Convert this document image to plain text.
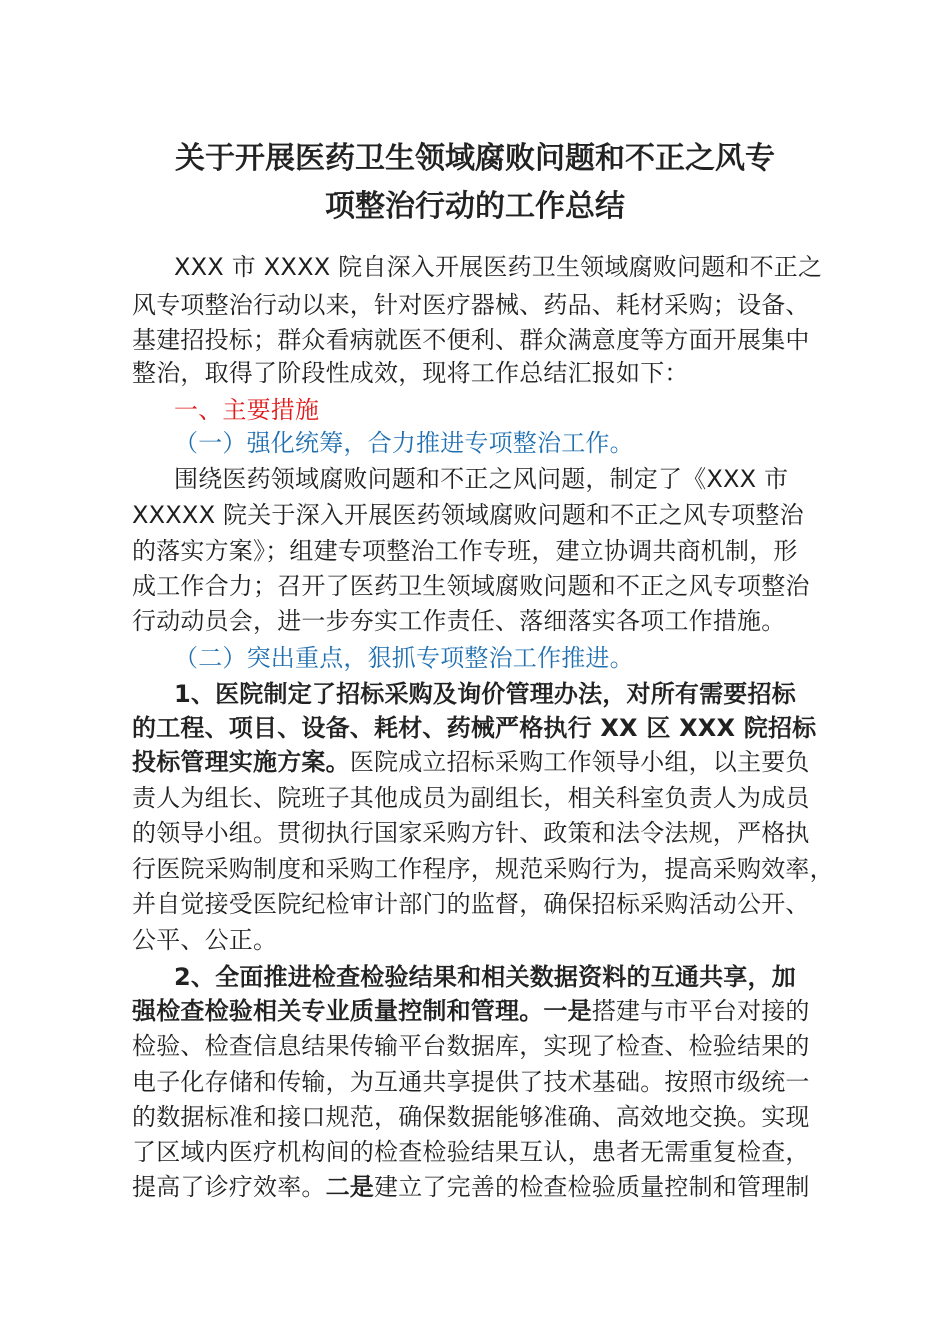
关于开展医药卫生领域腐败问题和不正之风专
项整治行动的工作总结
XXX 市 XXXX 院自深入开展医药卫生领域腐败问题和不正之
风专项整治行动以来，针对医疗器械、药品、耗材采购；设备、
基建招投标；群众看病就医不便利、群众满意度等方面开展集中
整治，取得了阶段性成效，现将工作总结汇报如下：
一、主要措施
（一）强化统筹，合力推进专项整治工作。
围绕医药领域腐败问题和不正之风问题，制定了《XXX 市
XXXXX 院关于深入开展医药领域腐败问题和不正之风专项整治
的落实方案》；组建专项整治工作专班，建立协调共商机制，形
成工作合力；召开了医药卫生领域腐败问题和不正之风专项整治
行动动员会，进一步夯实工作责任、落细落实各项工作措施。
（二）突出重点，狠抓专项整治工作推进。
1、医院制定了招标采购及询价管理办法，对所有需要招标
的工程、项目、设备、耗材、药械严格执行 XX 区 XXX 院招标
投标管理实施方案。医院成立招标采购工作领导小组，以主要负
责人为组长、院班子其他成员为副组长，相关科室负责人为成员
的领导小组。贯彻执行国家采购方针、政策和法令法规，严格执
行医院采购制度和采购工作程序，规范采购行为，提高采购效率，
并自觉接受医院纪检审计部门的监督，确保招标采购活动公开、
公平、公正。
2、全面推进检查检验结果和相关数据资料的互通共享，加
强检查检验相关专业质量控制和管理。一是搭建与市平台对接的
检验、检查信息结果传输平台数据库，实现了检查、检验结果的
电子化存储和传输，为互通共享提供了技术基础。按照市级统一
的数据标准和接口规范，确保数据能够准确、高效地交换。实现
了区域内医疗机构间的检查检验结果互认，患者无需重复检查，
提高了诊疗效率。二是建立了完善的检查检验质量控制和管理制
